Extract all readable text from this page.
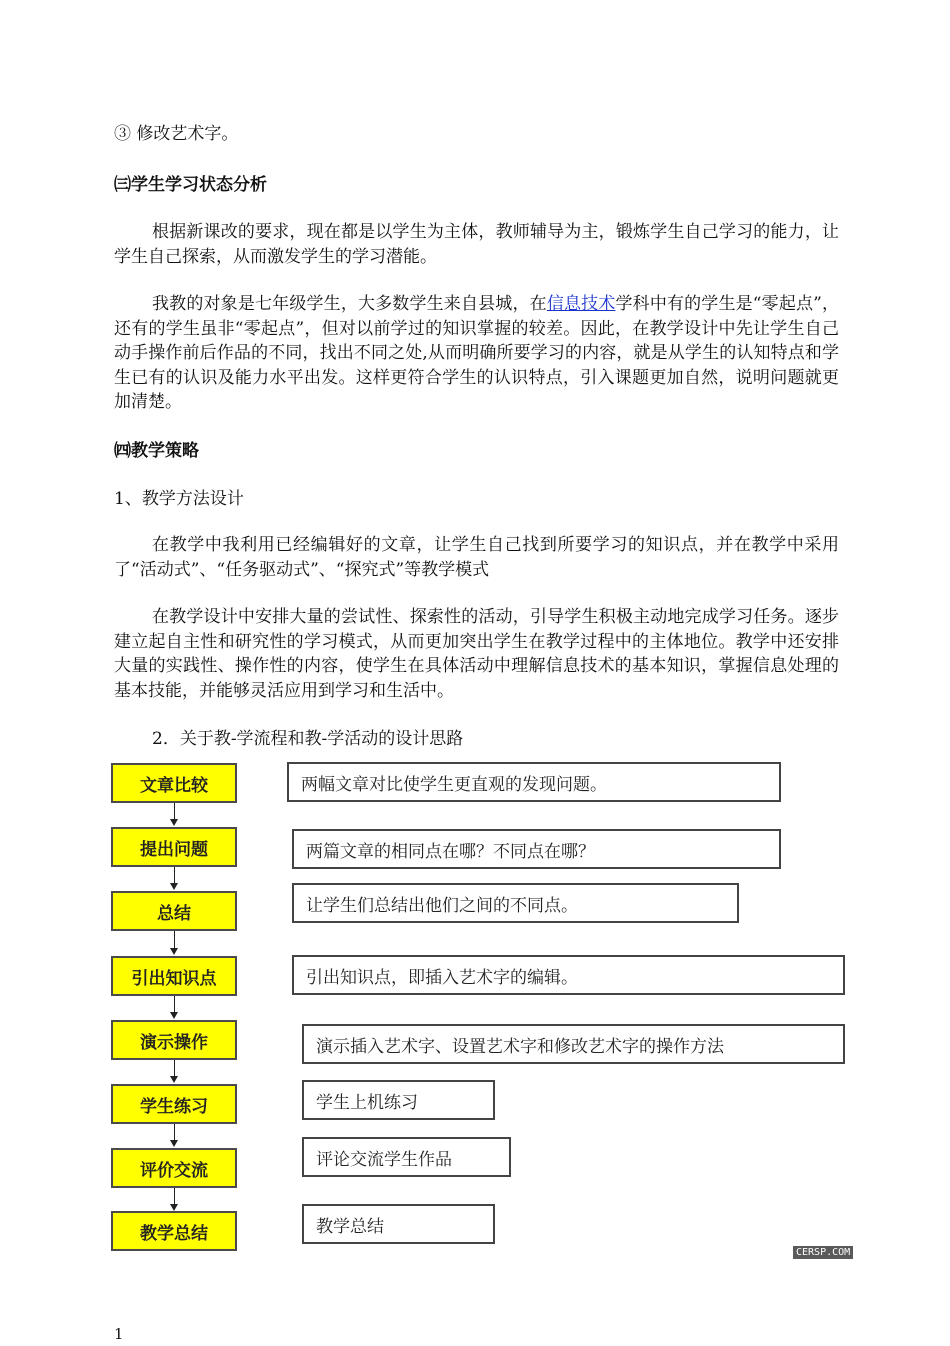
③ 修改艺术字。
㈢学生学习状态分析
根据新课改的要求，现在都是以学生为主体，教师辅导为主，锻炼学生自己学习的能力，让学生自己探索，从而激发学生的学习潜能。
我教的对象是七年级学生，大多数学生来自县城，在信息技术学科中有的学生是“零起点”，还有的学生虽非“零起点”，但对以前学过的知识掌握的较差。因此，在教学设计中先让学生自己动手操作前后作品的不同，找出不同之处,从而明确所要学习的内容，就是从学生的认知特点和学生已有的认识及能力水平出发。这样更符合学生的认识特点，引入课题更加自然，说明问题就更加清楚。
㈣教学策略
1、教学方法设计
在教学中我利用已经编辑好的文章，让学生自己找到所要学习的知识点，并在教学中采用了“活动式”、“任务驱动式”、“探究式”等教学模式
在教学设计中安排大量的尝试性、探索性的活动，引导学生积极主动地完成学习任务。逐步建立起自主性和研究性的学习模式，从而更加突出学生在教学过程中的主体地位。教学中还安排大量的实践性、操作性的内容，使学生在具体活动中理解信息技术的基本知识，掌握信息处理的基本技能，并能够灵活应用到学习和生活中。
2．关于教-学流程和教-学活动的设计思路
文章比较
提出问题
总结
引出知识点
演示操作
学生练习
评价交流
教学总结
两幅文章对比使学生更直观的发现问题。
两篇文章的相同点在哪？不同点在哪？
让学生们总结出他们之间的不同点。
引出知识点，即插入艺术字的编辑。
演示插入艺术字、设置艺术字和修改艺术字的操作方法
学生上机练习
评论交流学生作品
教学总结
CERSP.COM
1
